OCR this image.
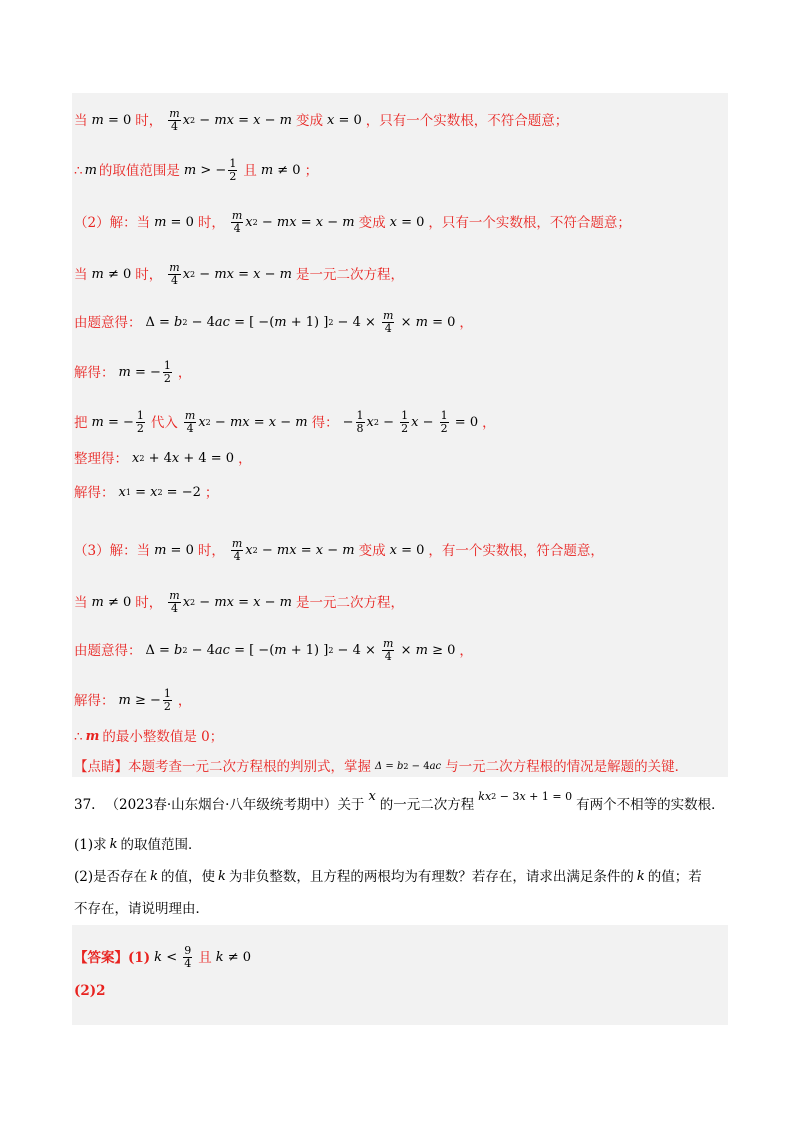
当 m = 0 时， $\frac{m}{4}$ x 2 − mx = x − m 变成 x = 0 ，只有一个实数根，不符合题意；
∴ m 的取值范围是 m > − $\frac{1}{2}$ 且 m ≠ 0 ；
（2）解：当 m = 0 时， $\frac{m}{4}$ x 2 − mx = x − m 变成 x = 0 ，只有一个实数根，不符合题意；
当 m ≠ 0 时， $\frac{m}{4}$ x 2 − mx = x − m 是一元二次方程，
由题意得： Δ = b 2 − 4 ac = [ −( m + 1) ] $2 - 4 \times \frac{m}{4} \times m = 0$ ，
解得： m = − $\frac{1}{2}$ ，
把 m = − $\frac{1}{2}$ 代入 $\frac{m}{4}$ x 2 − mx = x − m 得： − $\frac{1}{8}$ x $2 - \frac{1}{2}$ $x - \frac{1}{2} = 0$ ，
整理得： x 2 + 4 x + 4 = 0 ，
解得： x 1 = x 2 = −2 ；
（3）解：当 m = 0 时， $\frac{m}{4}$ x 2 − mx = x − m 变成 x = 0 ，有一个实数根，符合题意，
当 m ≠ 0 时， $\frac{m}{4}$ x 2 − mx = x − m 是一元二次方程，
由题意得： Δ = b 2 − 4 ac = [ −( m + 1) ] $2 - 4 \times \frac{m}{4} \times m \ge 0$ ，
解得： m ≥ − $\frac{1}{2}$ ，
∴ m 的最小整数值是 0；
【点睛】本题考查一元二次方程根的判别式，掌握 Δ = b 2 − 4 ac 与一元二次方程根的情况是解题的关键．
37. （2023春·山东烟台·八年级统考期中） 关于
x
的一元二次方程
kx 2 − 3 x + 1 = 0
有两个不相等的实数根．
(1)求 k 的取值范围．
(2)是否存在 k 的值，使 k 为非负整数，且方程的两根均为有理数？若存在，请求出满足条件的 k 的值；若
不存在，请说明理由．
【答案】 (1) $k < \frac{9}{4}$ 且 k ≠ 0
(2)2
